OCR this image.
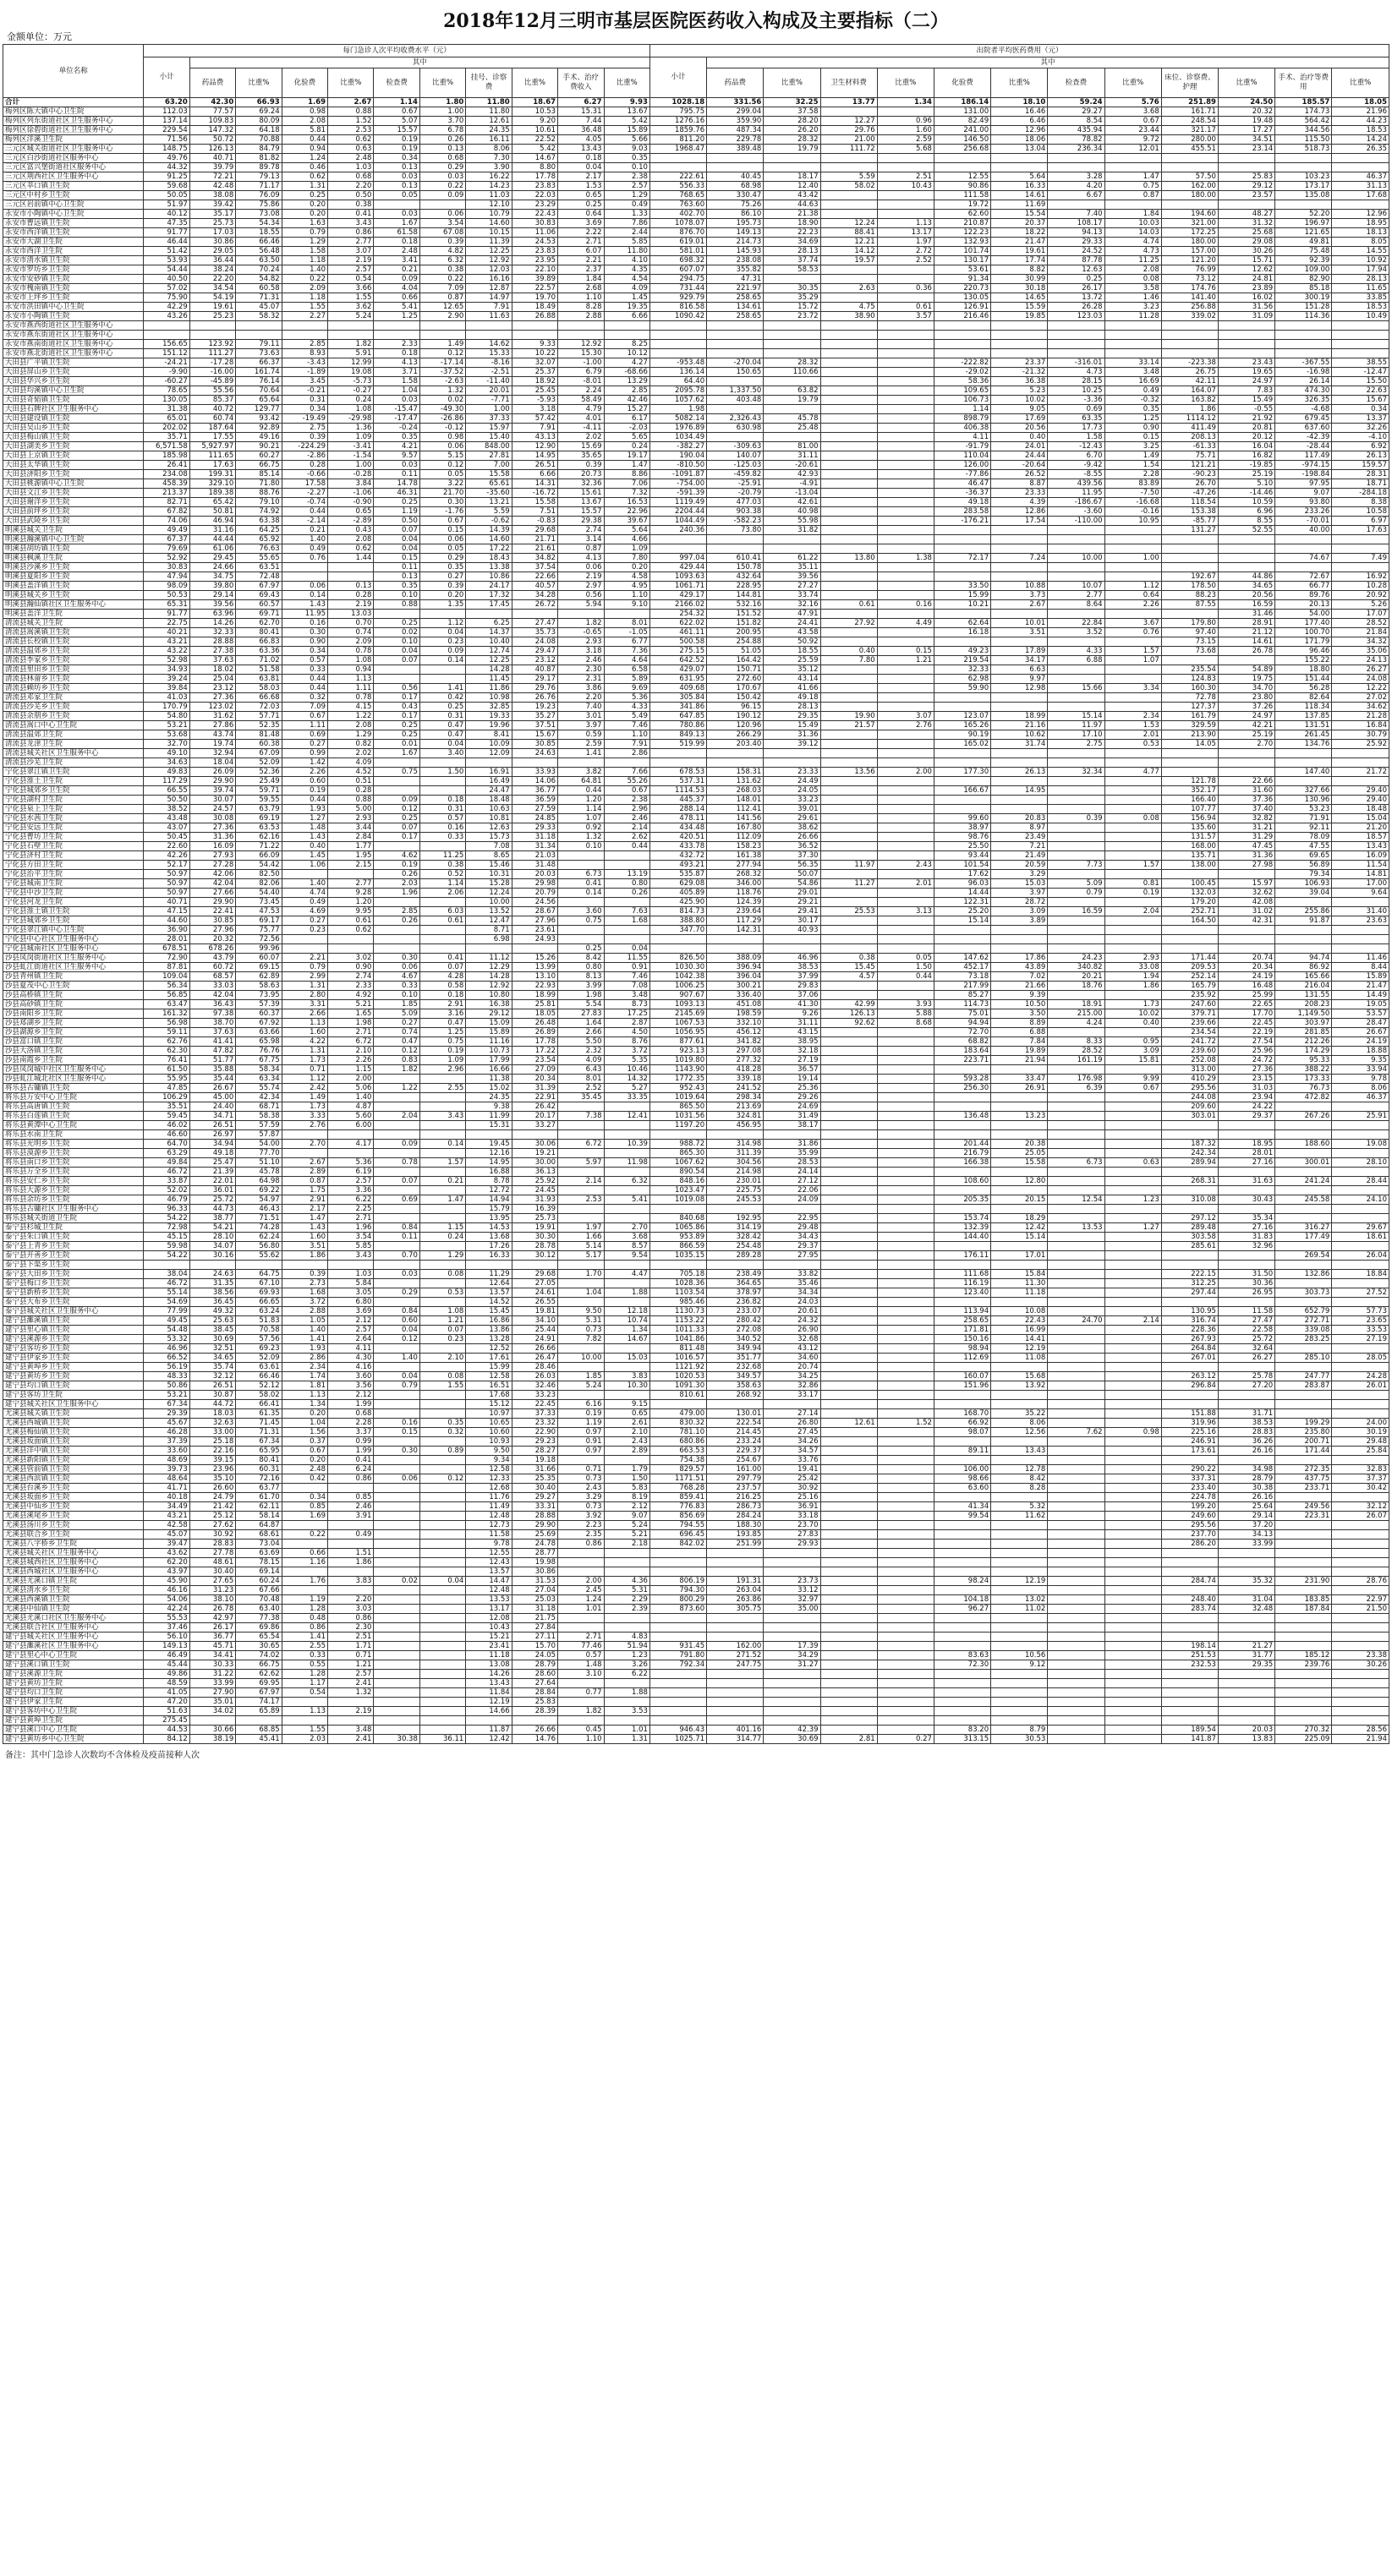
2018年12月三明市基层医院医药收入构成及主要指标（二）
金额单位：万元
单位名称	每门急诊人次平均收费水平（元）											出院者平均医药费用（元）												
	小计	其中										小计	其中											
		药品费	比重%	化验费	比重%	检查费	比重%	挂号、诊察费	比重%	手术、治疗费收入	比重%		药品费	比重%	卫生材料费	比重%	化验费	比重%	检查费	比重%	床位、诊察费、护理	比重%	手术、治疗等费用	比重%
合计	63.20	42.30	66.93	1.69	2.67	1.14	1.80	11.80	18.67	6.27	9.93	1028.18	331.56	32.25	13.77	1.34	186.14	18.10	59.24	5.76	251.89	24.50	185.57	18.05
梅列区陈大镇中心卫生院	112.03	77.57	69.24	0.98	0.88	0.67	1.00	11.80	10.53	15.31	13.67	795.75	299.04	37.58			131.00	16.46	29.27	3.68	161.71	20.32	174.73	21.96
梅列区列东街道社区卫生服务中心	137.14	109.83	80.09	2.08	1.52	5.07	3.70	12.61	9.20	7.44	5.42	1276.16	359.90	28.20	12.27	0.96	82.49	6.46	8.54	0.67	248.54	19.48	564.42	44.23
梅列区徐碧街道社区卫生服务中心	229.54	147.32	64.18	5.81	2.53	15.57	6.78	24.35	10.61	36.48	15.89	1859.76	487.34	26.20	29.76	1.60	241.00	12.96	435.94	23.44	321.17	17.27	344.56	18.53
梅列区洋溪卫生院	71.56	50.72	70.88	0.44	0.62	0.19	0.26	16.11	22.52	4.05	5.66	811.20	229.78	28.32	21.00	2.59	146.50	18.06	78.82	9.72	280.00	34.51	115.50	14.24
三元区城关街道社区卫生服务中心	148.75	126.13	84.79	0.94	0.63	0.19	0.13	8.06	5.42	13.43	9.03	1968.47	389.48	19.79	111.72	5.68	256.68	13.04	236.34	12.01	455.51	23.14	518.73	26.35
三元区白沙街道社区服务中心	49.76	40.71	81.82	1.24	2.48	0.34	0.68	7.30	14.67	0.18	0.35													
三元区富兴堡街道社区服务中心	44.32	39.79	89.78	0.46	1.03	0.13	0.29	3.90	8.80	0.04	0.10													
三元区荆西社区卫生服务中心	91.25	72.21	79.13	0.62	0.68	0.03	0.03	16.22	17.78	2.17	2.38	222.61	40.45	18.17	5.59	2.51	12.55	5.64	3.28	1.47	57.50	25.83	103.23	46.37
三元区莘口镇卫生院	59.68	42.48	71.17	1.31	2.20	0.13	0.22	14.23	23.83	1.53	2.57	556.33	68.98	12.40	58.02	10.43	90.86	16.33	4.20	0.75	162.00	29.12	173.17	31.13
三元区中村乡卫生院	50.05	38.08	76.09	0.25	0.50	0.05	0.09	11.03	22.03	0.65	1.29	768.65	330.47	43.42			111.58	14.61	6.67	0.87	180.00	23.57	135.08	17.68
三元区岩前镇中心卫生院	51.97	39.42	75.86	0.20	0.38			12.10	23.29	0.25	0.49	763.60	75.26	44.63			19.72	11.69						
永安市小陶镇中心卫生院	40.12	35.17	73.08	0.20	0.41	0.03	0.06	10.79	22.43	0.64	1.33	402.70	86.10	21.38			62.60	15.54	7.40	1.84	194.60	48.27	52.20	12.96
永安市曹远镇卫生院	47.35	25.73	54.34	1.63	3.43	1.67	3.54	14.60	30.83	3.69	7.86	1078.07	195.73	18.90	12.24	1.13	210.87	20.37	108.17	10.03	321.00	31.32	196.97	18.95
永安市西洋镇卫生院	91.77	17.03	18.55	0.79	0.86	61.58	67.08	10.15	11.06	2.22	2.44	876.70	149.13	22.23	88.41	13.17	122.23	18.22	94.13	14.03	172.25	25.68	121.65	18.13
永安市大湖卫生院	46.44	30.86	66.46	1.29	2.77	0.18	0.39	11.39	24.53	2.71	5.85	619.01	214.73	34.69	12.21	1.97	132.93	21.47	29.33	4.74	180.00	29.08	49.81	8.05
永安市西洋卫生院	51.42	29.05	56.48	1.58	3.07	2.48	4.82	12.25	23.83	6.07	11.80	581.01	145.93	28.13	14.12	2.72	101.74	19.61	24.52	4.73	157.00	30.26	75.48	14.55
永安市清水镇卫生院	53.93	36.44	63.50	1.18	2.19	3.41	6.32	12.92	23.95	2.21	4.10	698.32	238.08	37.74	19.57	2.52	130.17	17.74	87.78	11.25	121.20	15.71	92.39	10.92
永安市罗坊乡卫生院	54.44	38.24	70.24	1.40	2.57	0.21	0.38	12.03	22.10	2.37	4.35	607.07	355.82	58.53			53.61	8.82	12.63	2.08	76.99	12.62	109.00	17.94
永安市安砂镇卫生院	40.50	22.20	54.82	0.22	0.54	0.09	0.22	16.16	39.89	1.84	4.54	294.75	47.31				91.34	30.99	0.25	0.08	73.12	24.81	82.90	28.13
永安市槐南镇卫生院	57.02	34.54	60.58	2.09	3.66	4.04	7.09	12.87	22.57	2.68	4.09	731.44	221.97	30.35	2.63	0.36	220.73	30.18	26.17	3.58	174.76	23.89	85.18	11.65
永安市上坪乡卫生院	75.90	54.19	71.31	1.18	1.55	0.66	0.87	14.97	19.70	1.10	1.45	929.79	258.65	35.29			130.05	14.65	13.72	1.46	141.40	16.02	300.19	33.85
永安市洪田镇中心卫生院	42.29	19.61	45.07	1.55	3.62	5.41	12.65	7.91	18.49	8.28	19.35	816.58	134.61	15.72	4.75	0.61	126.91	15.59	26.28	3.23	256.88	31.56	151.28	18.53
永安市小陶镇卫生院	43.26	25.23	58.32	2.27	5.24	1.25	2.90	11.63	26.88	2.88	6.66	1090.42	258.65	23.72	38.90	3.57	216.46	19.85	123.03	11.28	339.02	31.09	114.36	10.49
永安市燕西街道社区卫生服务中心																								
永安市燕东街道社区卫生服务中心																								
永安市燕南街道社区卫生服务中心	156.65	123.92	79.11	2.85	1.82	2.33	1.49	14.62	9.33	12.92	8.25													
永安市燕北街道社区卫生服务中心	151.12	111.27	73.63	8.93	5.91	0.18	0.12	15.33	10.22	15.30	10.12													
大田县广平镇卫生院	-24.21	-17.28	66.37	-3.43	12.99	4.13	-17.14	-8.16	32.07	-1.00	4.27	-953.48	-270.04	28.32			-222.82	23.37	-316.01	33.14	-223.38	23.43	-367.55	38.55
大田县屏山乡卫生院	-9.90	-16.00	161.74	-1.89	19.08	3.71	-37.52	-2.51	25.37	6.79	-68.66	136.14	150.65	110.66			-29.02	-21.32	4.73	3.48	26.75	19.65	-16.98	-12.47
大田县华兴乡卫生院	-60.27	-45.89	76.14	3.45	-5.73	1.58	-2.63	-11.40	18.92	-8.01	13.29	64.40					58.36	36.38	28.15	16.69	42.11	24.97	26.14	15.50
大田县均溪镇中心卫生院	78.65	55.56	70.64	-0.21	-0.27	1.04	1.32	20.01	25.45	2.24	2.85	2095.78	1,337.50	63.82			109.65	5.23	10.25	0.49	164.07	7.83	474.30	22.63
大田县奇韬镇卫生院	130.05	85.37	65.64	0.31	0.24	0.03	0.02	-7.71	-5.93	58.49	42.46	1057.62	403.48	19.79			106.73	10.02	-3.36	-0.32	163.82	15.49	326.35	15.67
大田县石牌社区卫生服务中心	31.38	40.72	129.77	0.34	1.08	-15.47	-49.30	1.00	3.18	4.79	15.27	1.98					1.14	9.05	0.69	0.35	1.86	-0.55	-4.68	0.34
大田县建设镇卫生院	65.01	60.74	93.42	-19.49	-29.98	-17.47	-26.86	37.33	57.42	4.01	6.17	5082.14	2,326.43	45.78			898.79	17.69	63.35	1.25	1114.12	21.92	679.45	13.37
大田县吴山乡卫生院	202.02	187.64	92.89	2.75	1.36	-0.24	-0.12	15.97	7.91	-4.11	-2.03	1976.89	630.98	25.48			406.38	20.56	17.73	0.90	411.49	20.81	637.60	32.26
大田县梅山镇卫生院	35.71	17.55	49.16	0.39	1.09	0.35	0.98	15.40	43.13	2.02	5.65	1034.49					4.11	0.40	1.58	0.15	208.13	20.12	-42.39	-4.10
大田县湖美乡卫生院	6,571.58	5,927.97	90.21	-224.29	-3.41	4.21	0.06	848.00	12.90	15.69	0.24	-382.27	-309.63	81.00			-91.79	24.01	-12.43	3.25	-61.33	16.04	-28.44	6.92
大田县上京镇卫生院	185.98	111.65	60.27	-2.86	-1.54	9.57	5.15	27.81	14.95	35.65	19.17	190.04	140.07	31.11			110.04	24.44	6.70	1.49	75.71	16.82	117.49	26.13
大田县太华镇卫生院	26.41	17.63	66.75	0.28	1.00	0.03	0.12	7.00	26.51	0.39	1.47	-810.50	-125.03	-20.61			126.00	-20.64	-9.42	1.54	121.21	-19.85	-974.15	159.57
大田县济阳乡卫生院	234.08	199.31	85.14	-0.66	-0.28	0.11	0.05	15.58	6.66	20.73	8.86	-1091.87	-459.82	42.93			-77.86	26.52	-8.55	2.28	-90.23	25.19	-198.84	28.31
大田县桃源镇中心卫生院	458.39	329.10	71.80	17.58	3.84	14.78	3.22	65.61	14.31	32.36	7.06	-754.00	-25.91	-4.91			46.47	8.87	439.56	83.89	26.70	5.10	97.95	18.71
大田县文江乡卫生院	213.37	189.38	88.76	-2.27	-1.06	46.31	21.70	-35.60	-16.72	15.61	7.32	-591.39	-20.79	-13.04			-36.37	23.33	11.95	-7.50	-47.26	-14.46	9.07	-284.18
大田县谢洋乡卫生院	82.71	65.42	79.10	-0.74	-0.90	0.25	0.30	13.21	15.58	13.67	16.53	1119.49	477.03	42.61			49.18	4.39	-186.67	-16.68	118.54	10.59	93.80	8.38
大田县前坪乡卫生院	67.82	50.81	74.92	0.44	0.65	1.19	-1.76	5.59	7.51	15.57	22.96	2204.44	903.38	40.98			283.58	12.86	-3.60	-0.16	153.38	6.96	233.26	10.58
大田县武陵乡卫生院	74.06	46.94	63.38	-2.14	-2.89	0.50	0.67	-0.62	-0.83	29.38	39.67	1044.49	-582.23	55.98			-176.21	17.54	-110.00	10.95	-85.77	8.55	-70.01	6.97
明溪县城关卫生院	49.49	31.16	64.25	0.21	0.43	0.07	0.15	14.39	29.68	2.74	5.64	240.36	73.80	31.82							131.27	52.55	40.00	17.63
明溪县瀚溪镇中心卫生院	67.37	44.44	65.92	1.40	2.08	0.04	0.06	14.60	21.71	3.14	4.66													
明溪县胡坊镇卫生院	79.69	61.06	76.63	0.49	0.62	0.04	0.05	17.22	21.61	0.87	1.09													
明溪县枫溪卫生院	52.92	29.45	55.65	0.76	1.44	0.15	0.29	18.43	34.82	4.13	7.80	997.04	610.41	61.22	13.80	1.38	72.17	7.24	10.00	1.00			74.67	7.49
明溪县沙溪乡卫生院	30.83	24.66	63.51			0.11	0.35	13.38	37.54	0.06	0.20	429.44	150.78	35.11										
明溪县夏阳乡卫生院	47.94	34.75	72.48			0.13	0.27	10.86	22.66	2.19	4.58	1093.63	432.64	39.56							192.67	44.86	72.67	16.92
明溪县盖洋镇卫生院	98.09	39.80	67.97	0.06	0.13	0.35	0.39	24.17	40.57	2.97	4.95	1061.71	228.95	27.27			33.50	10.88	10.07	1.12	178.50	34.65	66.77	10.28
明溪县城关乡卫生院	50.53	29.14	69.43	0.14	0.28	0.10	0.20	17.32	34.28	0.56	1.10	429.17	144.81	33.74			15.99	3.73	2.77	0.64	88.23	20.56	89.76	20.92
明溪县瀚仙镇社区卫生服务中心	65.31	39.56	60.57	1.43	2.19	0.88	1.35	17.45	26.72	5.94	9.10	2166.02	532.16	32.16	0.61	0.16	10.21	2.67	8.64	2.26	87.55	16.59	20.13	5.26
明溪县盖洋卫生院	91.77	63.96	69.71	11.95	13.03							254.32	151.52	47.91								31.46	54.00	17.07
清流县城关卫生院	22.75	14.26	62.70	0.16	0.70	0.25	1.12	6.25	27.47	1.82	8.01	622.02	151.82	24.41	27.92	4.49	62.64	10.01	22.84	3.67	179.80	28.91	177.40	28.52
清流县嵩溪镇卫生院	40.21	32.33	80.41	0.30	0.74	0.02	0.04	14.37	35.73	-0.65	-1.05	461.11	200.95	43.58			16.18	3.51	3.52	0.76	97.40	21.12	100.70	21.84
清流县长校镇卫生院	43.21	28.88	66.83	0.90	2.09	0.10	0.23	10.40	24.08	2.93	6.77	500.58	254.88	50.92							73.15	14.61	171.79	34.32
清流县温郊乡卫生院	43.22	27.38	63.36	0.34	0.78	0.04	0.09	12.74	29.47	3.18	7.36	275.15	51.05	18.55	0.40	0.15	49.23	17.89	4.33	1.57	73.68	26.78	96.46	35.06
清流县李家乡卫生院	52.98	37.63	71.02	0.57	1.08	0.07	0.14	12.25	23.12	2.46	4.64	642.52	164.42	25.59	7.80	1.21	219.54	34.17	6.88	1.07			155.22	24.13
清流县里田乡卫生院	34.93	18.02	51.58	0.33	0.94			14.28	40.87	2.30	6.58	429.07	150.71	35.12			32.33	6.63			235.54	54.89	18.80	26.27
清流县林畲乡卫生院	39.24	25.04	63.81	0.44	1.13			11.45	29.17	2.31	5.89	631.95	272.60	43.14			62.98	9.97			124.83	19.75	151.44	24.08
清流县赖坊乡卫生院	39.84	23.12	58.03	0.44	1.11	0.56	1.41	11.86	29.76	3.86	9.69	409.68	170.67	41.66			59.90	12.98	15.66	3.34	160.30	34.70	56.28	12.22
清流县邓家卫生院	41.03	27.36	66.68	0.32	0.78	0.17	0.42	10.98	26.76	2.20	5.36	305.84	150.42	49.18							72.78	23.80	82.64	27.02
清流县沙芜乡卫生院	170.79	123.02	72.03	7.09	4.15	0.43	0.25	32.85	19.23	7.40	4.33	341.86	96.15	28.13							127.37	37.26	118.34	34.62
清流县余朋乡卫生院	54.80	31.62	57.71	0.67	1.22	0.17	0.31	19.33	35.27	3.01	5.49	647.85	190.12	29.35	19.90	3.07	123.07	18.99	15.14	2.34	161.79	24.97	137.85	21.28
清流县嵩口中心卫生院	53.21	27.86	52.35	1.11	2.08	0.25	0.47	19.96	37.51	3.97	7.46	780.86	120.96	15.49	21.57	2.76	165.26	21.16	11.97	1.53	329.59	42.21	131.51	16.84
清流县温郊卫生院	53.68	43.74	81.48	0.69	1.29	0.25	0.47	8.41	15.67	0.59	1.10	849.13	266.29	31.36			90.19	10.62	17.10	2.01	213.90	25.19	261.45	30.79
清流县龙津卫生院	32.70	19.74	60.38	0.27	0.82	0.01	0.04	10.09	30.85	2.59	7.91	519.99	203.40	39.12			165.02	31.74	2.75	0.53	14.05	2.70	134.76	25.92
清流县城关社区卫生服务中心	49.10	32.94	67.09	0.99	2.02	1.67	3.40	12.09	24.63	1.41	2.86													
清流县沙芜卫生院	34.63	18.04	52.09	1.42	4.09																			
宁化县翠江镇卫生院	49.83	26.09	52.36	2.26	4.52	0.75	1.50	16.91	33.93	3.82	7.66	678.53	158.31	23.33	13.56	2.00	177.30	26.13	32.34	4.77			147.40	21.72
宁化县淮土卫生院	117.29	29.90	25.49	0.60	0.51			16.49	14.06	64.81	55.26	537.31	131.62	24.49							121.78	22.66		
宁化县城郊乡卫生院	66.55	39.74	59.71	0.19	0.28			24.47	36.77	0.44	0.67	1114.53	268.03	24.05			166.67	14.95			352.17	31.60	327.66	29.40
宁化县湖村卫生院	50.50	30.07	59.55	0.44	0.88	0.09	0.18	18.48	36.59	1.20	2.38	445.37	148.01	33.23							166.40	37.36	130.96	29.40
宁化县泉上卫生院	38.52	24.57	63.79	1.93	5.00	0.12	0.31	10.63	27.59	1.14	2.96	288.14	112.41	39.01							107.77	37.40	53.23	18.48
宁化县水茜卫生院	43.48	30.08	69.19	1.27	2.93	0.25	0.57	10.81	24.85	1.07	2.46	478.11	141.56	29.61			99.60	20.83	0.39	0.08	156.94	32.82	71.91	15.04
宁化县安远卫生院	43.07	27.36	63.53	1.48	3.44	0.07	0.16	12.63	29.33	0.92	2.14	434.48	167.80	38.62			38.97	8.97			135.60	31.21	92.11	21.20
宁化县曹坊卫生院	50.45	31.36	62.16	1.43	2.84	0.17	0.33	15.73	31.18	1.32	2.62	420.51	112.09	26.66			98.76	23.49			131.57	31.29	78.09	18.57
宁化县石壁卫生院	22.60	16.09	71.22	0.40	1.77			7.08	31.34	0.10	0.44	433.78	158.23	36.52			25.50	7.21			168.00	47.45	47.55	13.43
宁化县济村卫生院	42.26	27.93	66.09	1.45	1.95	4.62	11.25	8.65	21.03			432.72	161.38	37.30			93.44	21.49			135.71	31.36	69.65	16.09
宁化县方田卫生院	52.17	27.28	54.42	1.06	2.15	0.19	0.38	15.46	31.48			493.21	277.94	56.35	11.97	2.43	101.54	20.59	7.73	1.57	138.00	27.98	56.89	11.54
宁化县治平卫生院	50.97	42.06	82.50			0.26	0.52	10.31	20.03	6.73	13.19	535.87	268.32	50.07			17.62	3.29					79.34	14.81
宁化县城南卫生院	50.97	42.04	82.06	1.40	2.77	2.03	1.14	15.28	29.98	0.41	0.80	629.08	346.00	54.86	11.27	2.01	96.03	15.03	5.09	0.81	100.45	15.97	106.93	17.00
宁化县中沙卫生院	50.97	27.66	54.40	4.74	9.28	1.96	2.06	12.24	20.79	0.14	0.26	405.89	118.76	29.01			14.44	3.97	0.79	0.19	132.03	32.62	39.04	9.64
宁化县河龙卫生院	40.71	29.90	73.45	0.49	1.20			10.00	24.56			425.90	124.39	29.21			122.31	28.72			179.20	42.08		
宁化县淮土镇卫生院	47.15	22.41	47.53	4.69	9.95	2.85	6.03	13.52	28.67	3.60	7.63	814.73	239.64	29.41	25.53	3.13	25.20	3.09	16.59	2.04	252.71	31.02	255.86	31.40
宁化县城郊乡卫生院	44.60	30.85	69.17	0.27	0.61	0.26	0.61	12.47	27.96	0.75	1.68	388.80	117.29	30.17			15.14	3.89			164.50	42.31	91.87	23.63
宁化县翠江镇中心卫生院	36.90	27.96	75.77	0.23	0.62			8.71	23.61			347.70	142.31	40.93										
宁化县中心社区卫生服务中心	28.01	20.32	72.56					6.98	24.93															
宁化县城南社区卫生服务中心	678.51	678.26	99.96							0.25	0.04													
沙县凤岗街道社区卫生服务中心	72.90	43.79	60.07	2.21	3.02	0.30	0.41	11.12	15.26	8.42	11.55	826.50	388.09	46.96	0.38	0.05	147.62	17.86	24.23	2.93	171.44	20.74	94.74	11.46
沙县虬江街道社区卫生服务中心	87.81	60.72	69.15	0.79	0.90	0.06	0.07	12.29	13.99	0.80	0.91	1030.30	396.94	38.53	15.45	1.50	452.17	43.89	340.82	33.08	209.53	20.34	86.92	8.44
沙县青州镇卫生院	109.04	68.57	62.89	2.99	2.74	4.67	4.28	14.28	13.10	8.13	7.46	1042.38	396.04	37.99	4.57	0.44	73.18	7.02	20.21	1.94	252.14	24.19	165.66	15.89
沙县夏茂中心卫生院	56.34	33.03	58.63	1.31	2.33	0.33	0.58	12.92	22.93	3.99	7.08	1006.25	300.21	29.83			217.99	21.66	18.76	1.86	165.79	16.48	216.04	21.47
沙县高桥镇卫生院	56.85	42.04	73.95	2.80	4.92	0.10	0.18	10.80	18.99	1.98	3.48	907.67	336.40	37.06			85.27	9.39			235.92	25.99	131.55	14.49
沙县高砂镇卫生院	63.47	36.43	57.39	3.31	5.21	1.85	2.91	16.38	25.81	5.54	8.73	1093.13	451.08	41.30	42.99	3.93	114.73	10.50	18.91	1.73	247.60	22.65	208.23	19.05
沙县南阳乡卫生院	161.32	97.38	60.37	2.66	1.65	5.09	3.16	29.12	18.05	27.83	17.25	2145.69	198.59	9.26	126.13	5.88	75.01	3.50	215.00	10.02	379.71	17.70	1,149.50	53.57
沙县郑湖乡卫生院	56.98	38.70	67.92	1.13	1.98	0.27	0.47	15.09	26.48	1.64	2.87	1067.53	332.10	31.11	92.62	8.68	94.94	8.89	4.24	0.40	239.66	22.45	303.97	28.47
沙县湖源乡卫生院	59.11	37.63	63.66	1.60	2.71	0.74	1.25	15.89	26.89	2.66	4.50	1056.95	456.12	43.15			72.70	6.88			234.54	22.19	281.85	26.67
沙县富口镇卫生院	62.76	41.41	65.98	4.22	6.72	0.47	0.75	11.16	17.78	5.50	8.76	877.61	341.82	38.95			68.82	7.84	8.33	0.95	241.72	27.54	212.26	24.19
沙县大洛镇卫生院	62.30	47.82	76.76	1.31	2.10	0.12	0.19	10.73	17.22	2.32	3.72	923.13	297.08	32.18			183.64	19.89	28.52	3.09	239.60	25.96	174.29	18.88
沙县南霞乡卫生院	76.41	51.77	67.75	1.73	2.26	0.83	1.09	17.99	23.54	4.09	5.35	1019.80	277.32	27.19			223.71	21.94	161.19	15.81	252.08	24.72	95.33	9.35
沙县凤岗城中社区卫生服务中心	61.50	35.88	58.34	0.71	1.15	1.82	2.96	16.66	27.09	6.43	10.46	1143.90	418.28	36.57							313.00	27.36	388.22	33.94
沙县虬江城北社区卫生服务中心	55.95	35.44	63.34	1.12	2.00			11.38	20.34	8.01	14.32	1772.35	339.18	19.14			593.28	33.47	176.98	9.99	410.29	23.15	173.33	9.78
将乐县古镛镇卫生院	47.85	26.67	55.74	2.42	5.06	1.22	2.55	15.02	31.39	2.52	5.27	952.43	241.52	25.36			256.30	26.91	6.39	0.67	295.56	31.03	76.73	8.06
将乐县万安中心卫生院	106.29	45.00	42.34	1.49	1.40			24.35	22.91	35.45	33.35	1019.64	298.34	29.26							244.08	23.94	472.82	46.37
将乐县高唐镇卫生院	35.51	24.40	68.71	1.73	4.87			9.38	26.42			865.50	213.69	24.69							209.60	24.22		
将乐县白莲镇卫生院	59.45	34.71	58.38	3.33	5.60	2.04	3.43	11.99	20.17	7.38	12.41	1031.56	324.81	31.49			136.48	13.23			303.01	29.37	267.26	25.91
将乐县黄潭中心卫生院	46.02	26.51	57.59	2.76	6.00			15.31	33.27			1197.20	456.95	38.17										
将乐县水南卫生院	46.60	26.97	57.87																					
将乐县光明乡卫生院	64.70	34.94	54.00	2.70	4.17	0.09	0.14	19.45	30.06	6.72	10.39	988.72	314.98	31.86			201.44	20.38			187.32	18.95	188.60	19.08
将乐县漠源乡卫生院	63.29	49.18	77.70					12.16	19.21			865.30	311.39	35.99			216.79	25.05			242.34	28.01		
将乐县南口乡卫生院	49.84	25.47	51.10	2.67	5.36	0.78	1.57	14.95	30.00	5.97	11.98	1067.62	304.56	28.53			166.38	15.58	6.73	0.63	289.94	27.16	300.01	28.10
将乐县万全乡卫生院	46.72	21.39	45.78	2.89	6.19			16.88	36.13			890.54	214.98	24.14										
将乐县安仁乡卫生院	33.87	22.01	64.98	0.87	2.57	0.07	0.21	8.78	25.92	2.14	6.32	848.16	230.01	27.12			108.60	12.80			268.31	31.63	241.24	28.44
将乐县大源乡卫生院	52.02	36.01	69.22	1.75	3.36			12.72	24.45			1023.47	225.75	22.06										
将乐县余坊乡卫生院	46.79	25.72	54.97	2.91	6.22	0.69	1.47	14.94	31.93	2.53	5.41	1019.08	245.53	24.09			205.35	20.15	12.54	1.23	310.08	30.43	245.58	24.10
将乐县古镛社区卫生服务中心	96.33	44.73	46.43	2.17	2.25			15.79	16.39															
将乐县城关街道卫生院	54.22	38.77	71.51	1.47	2.71			13.95	25.73			840.68	192.95	22.95			153.74	18.29			297.12	35.34		
泰宁县杉城卫生院	72.98	54.21	74.28	1.43	1.96	0.84	1.15	14.53	19.91	1.97	2.70	1065.86	314.19	29.48			132.39	12.42	13.53	1.27	289.48	27.16	316.27	29.67
泰宁县朱口镇卫生院	45.15	28.10	62.24	1.60	3.54	0.11	0.24	13.68	30.30	1.66	3.68	953.89	328.42	34.43			144.40	15.14			303.58	31.83	177.49	18.61
泰宁县上青乡卫生院	59.98	34.07	56.80	3.51	5.85			17.26	28.78	5.14	8.57	866.59	254.48	29.37							285.61	32.96		
泰宁县开善乡卫生院	54.22	30.16	55.62	1.86	3.43	0.70	1.29	16.33	30.12	5.17	9.54	1035.15	289.28	27.95			176.11	17.01					269.54	26.04
泰宁县下渠乡卫生院																								
泰宁县大田乡卫生院	38.04	24.63	64.75	0.39	1.03	0.03	0.08	11.29	29.68	1.70	4.47	705.18	238.49	33.82			111.68	15.84			222.15	31.50	132.86	18.84
泰宁县梅口乡卫生院	46.72	31.35	67.10	2.73	5.84			12.64	27.05			1028.36	364.65	35.46			116.19	11.30			312.25	30.36		
泰宁县新桥乡卫生院	55.14	38.56	69.93	1.68	3.05	0.29	0.53	13.57	24.61	1.04	1.88	1103.54	378.97	34.34			123.40	11.18			297.44	26.95	303.73	27.52
泰宁县大布乡卫生院	54.69	36.45	66.65	3.72	6.80			14.52	26.55			985.46	236.82	24.03										
泰宁县城关社区卫生服务中心	77.99	49.32	63.24	2.88	3.69	0.84	1.08	15.45	19.81	9.50	12.18	1130.73	233.07	20.61			113.94	10.08			130.95	11.58	652.79	57.73
建宁县濉溪镇卫生院	49.45	25.63	51.83	1.05	2.12	0.60	1.21	16.86	34.10	5.31	10.74	1153.22	280.42	24.32			258.65	22.43	24.70	2.14	316.74	27.47	272.71	23.65
建宁县里心镇卫生院	54.48	38.45	70.58	1.40	2.57	0.04	0.07	13.86	25.44	0.73	1.34	1011.33	272.08	26.90			171.81	16.99			228.36	22.58	339.08	33.53
建宁县溪源乡卫生院	53.32	30.69	57.56	1.41	2.64	0.12	0.23	13.28	24.91	7.82	14.67	1041.86	340.52	32.68			150.16	14.41			267.93	25.72	283.25	27.19
建宁县客坊乡卫生院	46.96	32.51	69.23	1.93	4.11			12.52	26.66			811.48	349.94	43.12			98.94	12.19			264.84	32.64		
建宁县伊家乡卫生院	66.52	34.65	52.09	2.86	4.30	1.40	2.10	17.61	26.47	10.00	15.03	1016.57	351.77	34.60			112.69	11.08			267.01	26.27	285.10	28.05
建宁县黄埠乡卫生院	56.19	35.74	63.61	2.34	4.16			15.99	28.46			1121.92	232.68	20.74										
建宁县黄坊乡卫生院	48.33	32.12	66.46	1.74	3.60	0.04	0.08	12.58	26.03	1.85	3.83	1020.53	349.57	34.25			160.07	15.68			263.12	25.78	247.77	24.28
建宁县均口镇卫生院	50.86	26.51	52.12	1.81	3.56	0.79	1.55	16.51	32.46	5.24	10.30	1091.30	358.63	32.86			151.96	13.92			296.84	27.20	283.87	26.01
建宁县客坊卫生院	53.21	30.87	58.02	1.13	2.12			17.68	33.23			810.61	268.92	33.17										
建宁县城关社区卫生服务中心	67.34	44.72	66.41	1.34	1.99			15.12	22.45	6.16	9.15													
尤溪县城关镇卫生院	29.39	18.03	61.35	0.20	0.68			10.97	37.33	0.19	0.65	479.00	130.01	27.14			168.70	35.22			151.88	31.71		
尤溪县西城镇卫生院	45.67	32.63	71.45	1.04	2.28	0.16	0.35	10.65	23.32	1.19	2.61	830.32	222.54	26.80	12.61	1.52	66.92	8.06			319.96	38.53	199.29	24.00
尤溪县梅仙镇卫生院	46.28	33.00	71.31	1.56	3.37	0.15	0.32	10.60	22.90	0.97	2.10	781.10	214.45	27.45			98.07	12.56	7.62	0.98	225.16	28.83	235.80	30.19
尤溪县坂面镇卫生院	37.39	25.18	67.34	0.37	0.99			10.93	29.23	0.91	2.43	680.86	233.24	34.26							246.91	36.26	200.71	29.48
尤溪县洋中镇卫生院	33.60	22.16	65.95	0.67	1.99	0.30	0.89	9.50	28.27	0.97	2.89	663.53	229.37	34.57			89.11	13.43			173.61	26.16	171.44	25.84
尤溪县新阳镇卫生院	48.69	39.15	80.41	0.20	0.41			9.34	19.18			754.38	254.67	33.76										
尤溪县管前镇卫生院	39.73	23.96	60.31	2.48	6.24			12.58	31.66	0.71	1.79	829.57	161.00	19.41			106.00	12.78			290.22	34.98	272.35	32.83
尤溪县西滨镇卫生院	48.64	35.10	72.16	0.42	0.86	0.06	0.12	12.33	25.35	0.73	1.50	1171.51	297.79	25.42			98.66	8.42			337.31	28.79	437.75	37.37
尤溪县台溪乡卫生院	41.71	26.60	63.77					12.68	30.40	2.43	5.83	768.28	237.57	30.92			63.60	8.28			233.40	30.38	233.71	30.42
尤溪县坂面乡卫生院	40.18	24.79	61.70	0.34	0.85			11.76	29.27	3.29	8.19	859.41	216.25	25.16							224.78	26.16		
尤溪县中仙乡卫生院	34.49	21.42	62.11	0.85	2.46			11.49	33.31	0.73	2.12	776.83	286.73	36.91			41.34	5.32			199.20	25.64	249.56	32.12
尤溪县溪尾乡卫生院	43.21	25.12	58.14	1.69	3.91			12.48	28.88	3.92	9.07	856.69	284.24	33.18			99.54	11.62			249.60	29.14	223.31	26.07
尤溪县汤川乡卫生院	42.58	27.62	64.87					12.73	29.90	2.23	5.24	794.55	188.30	23.70							295.56	37.20		
尤溪县联合乡卫生院	45.07	30.92	68.61	0.22	0.49			11.58	25.69	2.35	5.21	696.45	193.85	27.83							237.70	34.13		
尤溪县八字桥乡卫生院	39.47	28.83	73.04					9.78	24.78	0.86	2.18	842.02	251.99	29.93							286.20	33.99		
尤溪县城关社区卫生服务中心	43.62	27.78	63.69	0.66	1.51			12.55	28.77															
尤溪县城西社区卫生服务中心	62.20	48.61	78.15	1.16	1.86			12.43	19.98															
尤溪县西城社区卫生服务中心	43.97	30.40	69.14					13.57	30.86															
尤溪县尤溪口镇卫生院	45.90	27.65	60.24	1.76	3.83	0.02	0.04	14.47	31.53	2.00	4.36	806.19	191.31	23.73			98.24	12.19			284.74	35.32	231.90	28.76
尤溪县清水乡卫生院	46.16	31.23	67.66					12.48	27.04	2.45	5.31	794.30	263.04	33.12										
尤溪县西溪镇卫生院	54.06	38.10	70.48	1.19	2.20			13.53	25.03	1.24	2.29	800.29	263.86	32.97			104.18	13.02			248.40	31.04	183.85	22.97
尤溪县中仙镇卫生院	42.24	26.78	63.40	1.28	3.03			13.17	31.18	1.01	2.39	873.60	305.75	35.00			96.27	11.02			283.74	32.48	187.84	21.50
尤溪县尤溪口社区卫生服务中心	55.53	42.97	77.38	0.48	0.86			12.08	21.75															
尤溪县联合社区卫生服务中心	37.46	26.17	69.86	0.86	2.30			10.43	27.84															
建宁县城关社区卫生服务中心	56.10	36.77	65.54	1.41	2.51			15.21	27.11	2.71	4.83													
建宁县濉溪社区卫生服务中心	149.13	45.71	30.65	2.55	1.71			23.41	15.70	77.46	51.94	931.45	162.00	17.39							198.14	21.27		
建宁县里心中心卫生院	46.49	34.41	74.02	0.33	0.71			11.18	24.05	0.57	1.23	791.80	271.52	34.29			83.63	10.56			251.53	31.77	185.12	23.38
建宁县溪口镇卫生院	45.44	30.33	66.75	0.55	1.21			13.08	28.79	1.48	3.26	792.34	247.75	31.27			72.30	9.12			232.53	29.35	239.76	30.26
建宁县溪源卫生院	49.86	31.22	62.62	1.28	2.57			14.26	28.60	3.10	6.22													
建宁县黄坊卫生院	48.59	33.99	69.95	1.17	2.41			13.43	27.64															
建宁县均口卫生院	41.05	27.90	67.97	0.54	1.32			11.84	28.84	0.77	1.88													
建宁县伊家卫生院	47.20	35.01	74.17					12.19	25.83															
建宁县客坊中心卫生院	51.63	34.02	65.89	1.13	2.19			14.66	28.39	1.82	3.53													
建宁县黄埠卫生院	275.45																							
建宁县溪口中心卫生院	44.53	30.66	68.85	1.55	3.48			11.87	26.66	0.45	1.01	946.43	401.16	42.39			83.20	8.79			189.54	20.03	270.32	28.56
建宁县黄坊乡中心卫生院	84.12	38.19	45.41	2.03	2.41	30.38	36.11	12.42	14.76	1.10	1.31	1025.71	314.77	30.69	2.81	0.27	313.15	30.53			141.87	13.83	225.09	21.94
备注：其中门急诊人次数均不含体检及疫苗接种人次
